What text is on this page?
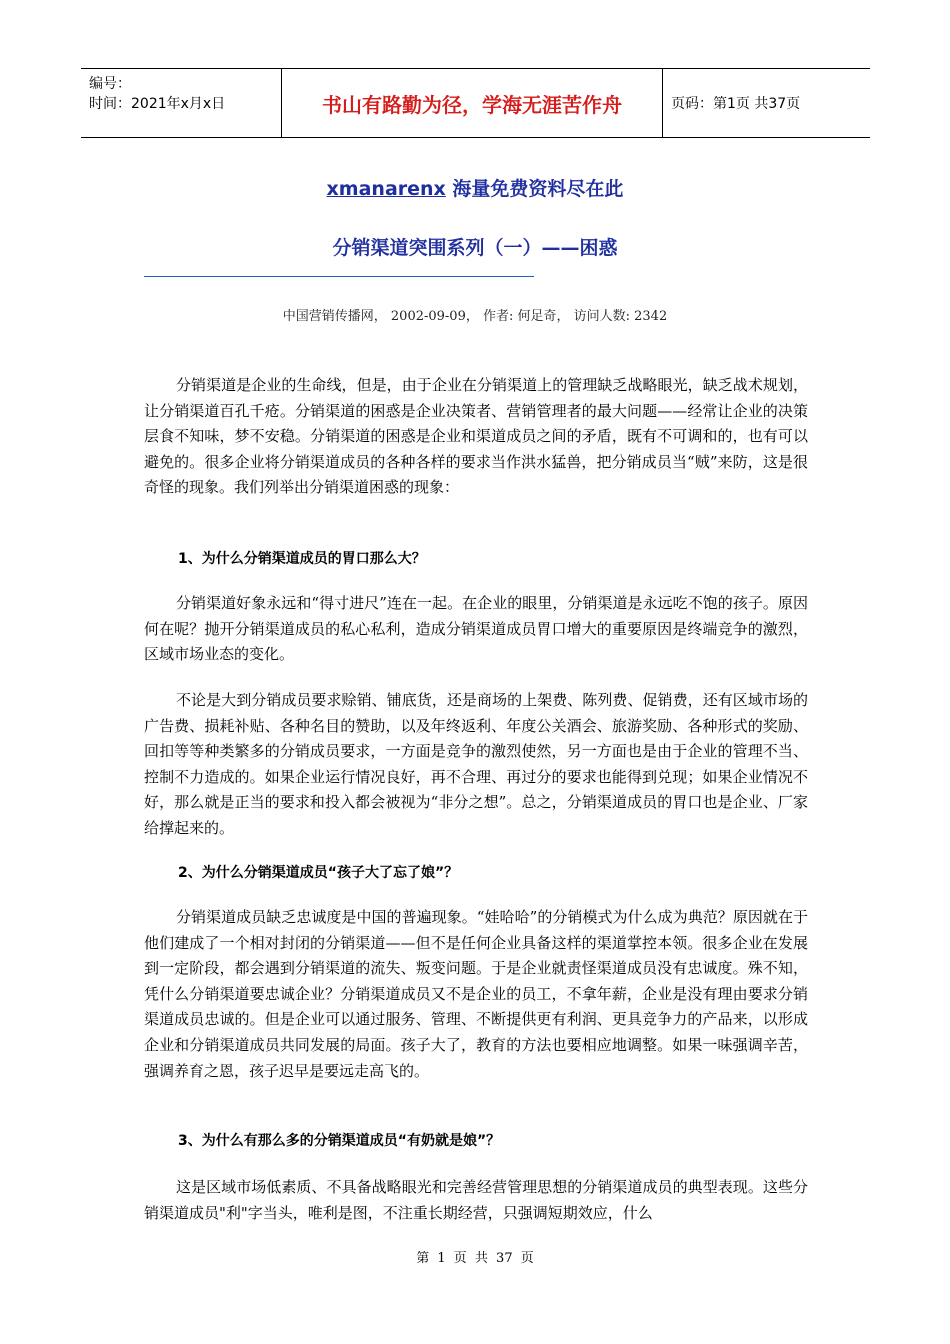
编号：
时间：2021年x月x日	书山有路勤为径，学海无涯苦作舟	页码：第1页 共37页
xmanarenx 海量免费资料尽在此
分销渠道突围系列（一）——困惑
中国营销传播网， 2002-09-09， 作者: 何足奇， 访问人数: 2342

分销渠道是企业的生命线，但是，由于企业在分销渠道上的管理缺乏战略眼光，缺乏战术规划，让分销渠道百孔千疮。分销渠道的困惑是企业决策者、营销管理者的最大问题——经常让企业的决策层食不知味，梦不安稳。分销渠道的困惑是企业和渠道成员之间的矛盾，既有不可调和的，也有可以避免的。很多企业将分销渠道成员的各种各样的要求当作洪水猛兽，把分销成员当“贼”来防，这是很奇怪的现象。我们列举出分销渠道困惑的现象：

1、为什么分销渠道成员的胃口那么大？

分销渠道好象永远和“得寸进尺”连在一起。在企业的眼里，分销渠道是永远吃不饱的孩子。原因何在呢？抛开分销渠道成员的私心私利，造成分销渠道成员胃口增大的重要原因是终端竞争的激烈，区域市场业态的变化。

不论是大到分销成员要求赊销、铺底货，还是商场的上架费、陈列费、促销费，还有区域市场的广告费、损耗补贴、各种名目的赞助，以及年终返利、年度公关酒会、旅游奖励、各种形式的奖励、回扣等等种类繁多的分销成员要求，一方面是竞争的激烈使然，另一方面也是由于企业的管理不当、控制不力造成的。如果企业运行情况良好，再不合理、再过分的要求也能得到兑现；如果企业情况不好，那么就是正当的要求和投入都会被视为“非分之想”。总之，分销渠道成员的胃口也是企业、厂家给撑起来的。

2、为什么分销渠道成员“孩子大了忘了娘”？

分销渠道成员缺乏忠诚度是中国的普遍现象。“娃哈哈”的分销模式为什么成为典范？原因就在于他们建成了一个相对封闭的分销渠道——但不是任何企业具备这样的渠道掌控本领。很多企业在发展到一定阶段，都会遇到分销渠道的流失、叛变问题。于是企业就责怪渠道成员没有忠诚度。殊不知，凭什么分销渠道要忠诚企业？分销渠道成员又不是企业的员工，不拿年薪，企业是没有理由要求分销 渠道成员忠诚的。但是企业可以通过服务、管理、不断提供更有利润、更具竞争力的产品来，以形成企业和分销渠道成员共同发展的局面。孩子大了，教育的方法也要相应地调整。如果一味强调辛苦，强调养育之恩，孩子迟早是要远走高飞的。

3、为什么有那么多的分销渠道成员“有奶就是娘”？

这是区域市场低素质、不具备战略眼光和完善经营管理思想的分销渠道成员的典型表现。这些分销渠道成员"利"字当头，唯利是图，不注重长期经营，只强调短期效应，什么

第 1 页 共 37 页
